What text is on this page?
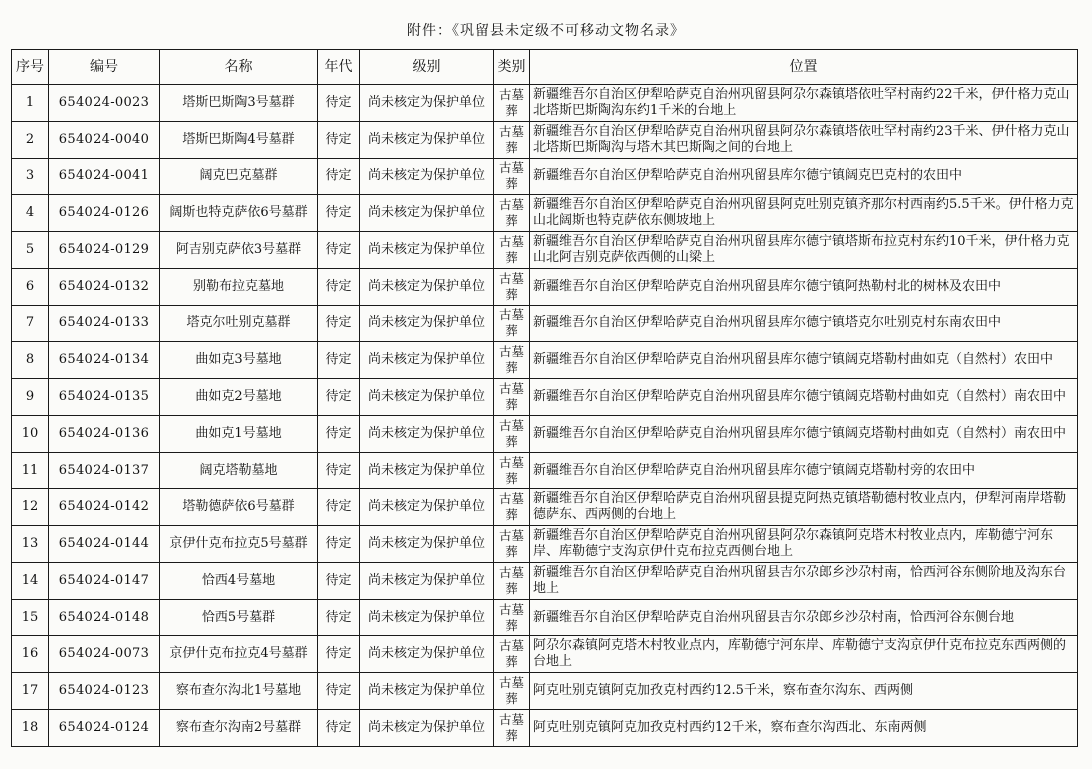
附件：《巩留县未定级不可移动文物名录》
序号	编号	名称	年代	级别	类别	位置
1	654024-0023	塔斯巴斯陶3号墓群	待定	尚未核定为保护单位	古墓葬	新疆维吾尔自治区伊犁哈萨克自治州巩留县阿尕尔森镇塔依吐罕村南约22千米，伊什格力克山北塔斯巴斯陶沟东约1千米的台地上
2	654024-0040	塔斯巴斯陶4号墓群	待定	尚未核定为保护单位	古墓葬	新疆维吾尔自治区伊犁哈萨克自治州巩留县阿尕尔森镇塔依吐罕村南约23千米、伊什格力克山北塔斯巴斯陶沟与塔木其巴斯陶之间的台地上
3	654024-0041	阔克巴克墓群	待定	尚未核定为保护单位	古墓葬	新疆维吾尔自治区伊犁哈萨克自治州巩留县库尔德宁镇阔克巴克村的农田中
4	654024-0126	阔斯也特克萨依6号墓群	待定	尚未核定为保护单位	古墓葬	新疆维吾尔自治区伊犁哈萨克自治州巩留县阿克吐别克镇齐那尔村西南约5.5千米。伊什格力克山北阔斯也特克萨依东侧坡地上
5	654024-0129	阿吉别克萨依3号墓群	待定	尚未核定为保护单位	古墓葬	新疆维吾尔自治区伊犁哈萨克自治州巩留县库尔德宁镇塔斯布拉克村东约10千米，伊什格力克山北阿吉别克萨依西侧的山梁上
6	654024-0132	别勒布拉克墓地	待定	尚未核定为保护单位	古墓葬	新疆维吾尔自治区伊犁哈萨克自治州巩留县库尔德宁镇阿热勒村北的树林及农田中
7	654024-0133	塔克尔吐别克墓群	待定	尚未核定为保护单位	古墓葬	新疆维吾尔自治区伊犁哈萨克自治州巩留县库尔德宁镇塔克尔吐别克村东南农田中
8	654024-0134	曲如克3号墓地	待定	尚未核定为保护单位	古墓葬	新疆维吾尔自治区伊犁哈萨克自治州巩留县库尔德宁镇阔克塔勒村曲如克（自然村）农田中
9	654024-0135	曲如克2号墓地	待定	尚未核定为保护单位	古墓葬	新疆维吾尔自治区伊犁哈萨克自治州巩留县库尔德宁镇阔克塔勒村曲如克（自然村）南农田中
10	654024-0136	曲如克1号墓地	待定	尚未核定为保护单位	古墓葬	新疆维吾尔自治区伊犁哈萨克自治州巩留县库尔德宁镇阔克塔勒村曲如克（自然村）南农田中
11	654024-0137	阔克塔勒墓地	待定	尚未核定为保护单位	古墓葬	新疆维吾尔自治区伊犁哈萨克自治州巩留县库尔德宁镇阔克塔勒村旁的农田中
12	654024-0142	塔勒德萨依6号墓群	待定	尚未核定为保护单位	古墓葬	新疆维吾尔自治区伊犁哈萨克自治州巩留县提克阿热克镇塔勒德村牧业点内，伊犁河南岸塔勒德萨东、西两侧的台地上
13	654024-0144	京伊什克布拉克5号墓群	待定	尚未核定为保护单位	古墓葬	新疆维吾尔自治区伊犁哈萨克自治州巩留县阿尕尔森镇阿克塔木村牧业点内，库勒德宁河东岸、库勒德宁支沟京伊什克布拉克西侧台地上
14	654024-0147	恰西4号墓地	待定	尚未核定为保护单位	古墓葬	新疆维吾尔自治区伊犁哈萨克自治州巩留县吉尔尕郎乡沙尕村南，恰西河谷东侧阶地及沟东台地上
15	654024-0148	恰西5号墓群	待定	尚未核定为保护单位	古墓葬	新疆维吾尔自治区伊犁哈萨克自治州巩留县吉尔尕郎乡沙尕村南，恰西河谷东侧台地
16	654024-0073	京伊什克布拉克4号墓群	待定	尚未核定为保护单位	古墓葬	阿尕尔森镇阿克塔木村牧业点内，库勒德宁河东岸、库勒德宁支沟京伊什克布拉克东西两侧的台地上
17	654024-0123	察布查尔沟北1号墓地	待定	尚未核定为保护单位	古墓葬	阿克吐别克镇阿克加孜克村西约12.5千米，察布查尔沟东、西两侧
18	654024-0124	察布查尔沟南2号墓群	待定	尚未核定为保护单位	古墓葬	阿克吐别克镇阿克加孜克村西约12千米，察布查尔沟西北、东南两侧
